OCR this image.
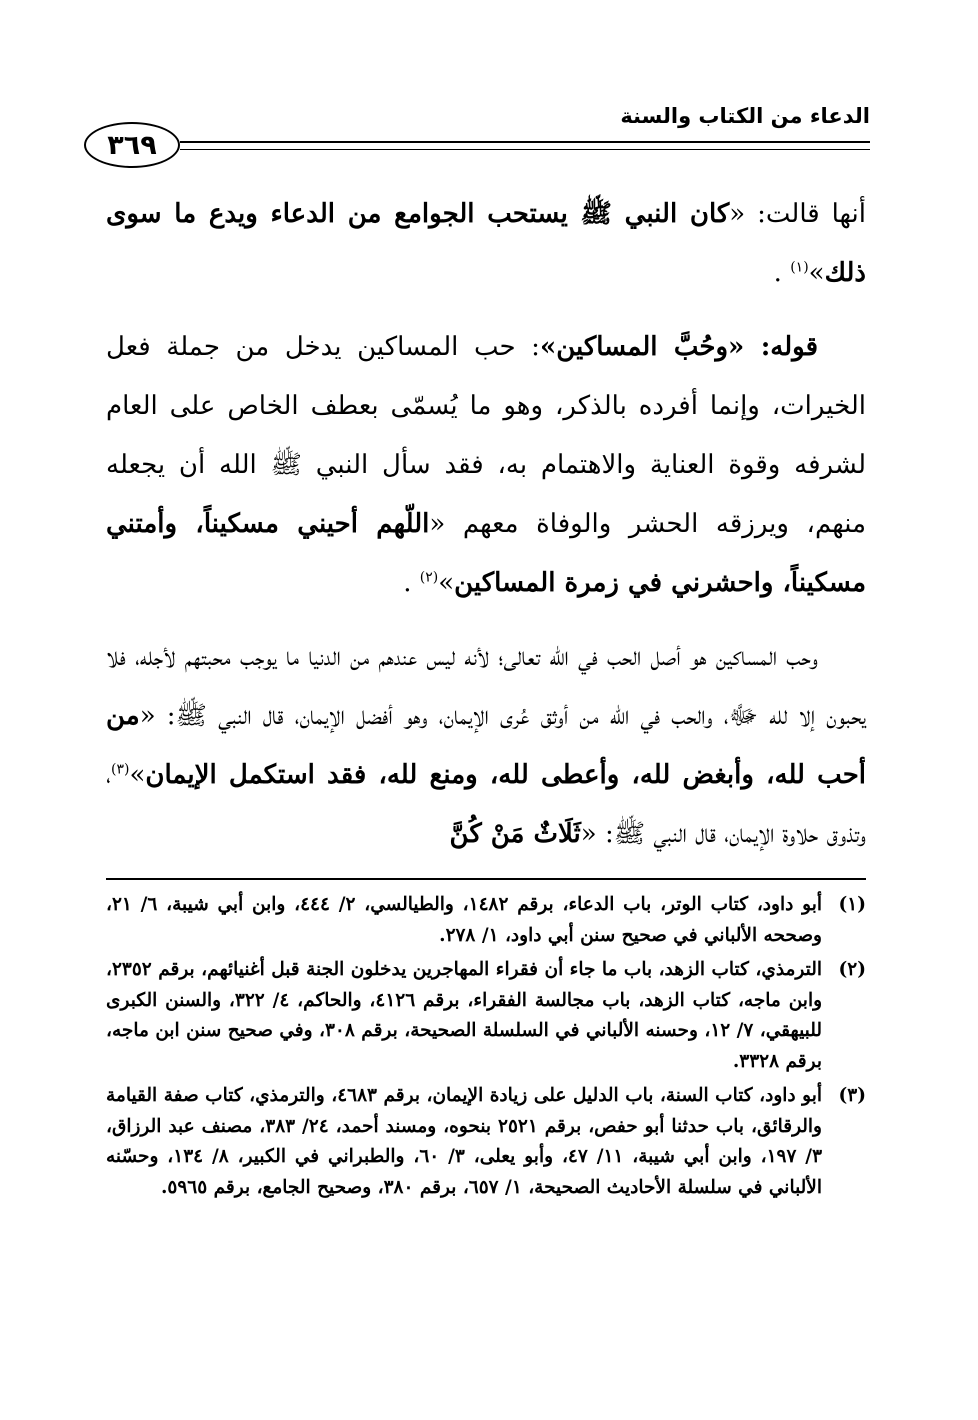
الدعاء من الكتاب والسنة
٣٦٩

أنها قالت: «كان النبي ﷺ يستحب الجوامع من الدعاء ويدع ما سوى ذلك»$^{(١)}$ .

قوله: «وحُبَّ المساكين»: حب المساكين يدخل من جملة فعل الخيرات، وإنما أفرده بالذكر، وهو ما يُسمّى بعطف الخاص على العام لشرفه وقوة العناية والاهتمام به، فقد سأل النبي ﷺ الله أن يجعله منهم، ويرزقه الحشر والوفاة معهم «اللّهم أحيني مسكيناً، وأمتني مسكيناً، واحشرني في زمرة المساكين»$^{(٢)}$ .

وحب المساكين هو أصل الحب في الله تعالى؛ لأنه ليس عندهم من الدنيا ما يوجب محبتهم لأجله، فلا يحبون إلا لله ﷻ، والحب في الله من أوثق عُرى الإيمان، وهو أفضل الإيمان، قال النبي ﷺ: «من أحب لله، وأبغض لله، وأعطى لله، ومنع لله، فقد استكمل الإيمان»$^{(٣)}$، وتذوق حلاوة الإيمان، قال النبي ﷺ: «ثَلَاثٌ مَنْ كُنَّ

(١)
أبو داود، كتاب الوتر، باب الدعاء، برقم ١٤٨٢، والطيالسي، ٢/ ٤٤٤، وابن أبي شيبة، ٦/ ٢١، وصححه الألباني في صحيح سنن أبي داود، ١/ ٢٧٨.
(٢)
الترمذي، كتاب الزهد، باب ما جاء أن فقراء المهاجرين يدخلون الجنة قبل أغنيائهم، برقم ٢٣٥٢، وابن ماجه، كتاب الزهد، باب مجالسة الفقراء، برقم ٤١٢٦، والحاكم، ٤/ ٣٢٢، والسنن الكبرى للبيهقي، ٧/ ١٢، وحسنه الألباني في السلسلة الصحيحة، برقم ٣٠٨، وفي صحيح سنن ابن ماجه، برقم ٣٣٢٨.
(٣)
أبو داود، كتاب السنة، باب الدليل على زيادة الإيمان، برقم ٤٦٨٣، والترمذي، كتاب صفة القيامة والرقائق، باب حدثنا أبو حفص، برقم ٢٥٢١ بنحوه، ومسند أحمد، ٢٤/ ٣٨٣، مصنف عبد الرزاق، ٣/ ١٩٧، وابن أبي شيبة، ١١/ ٤٧، وأبو يعلى، ٣/ ٦٠، والطبراني في الكبير، ٨/ ١٣٤، وحسّنه الألباني في سلسلة الأحاديث الصحيحة، ١/ ٦٥٧، برقم ٣٨٠، وصحيح الجامع، برقم ٥٩٦٥.
